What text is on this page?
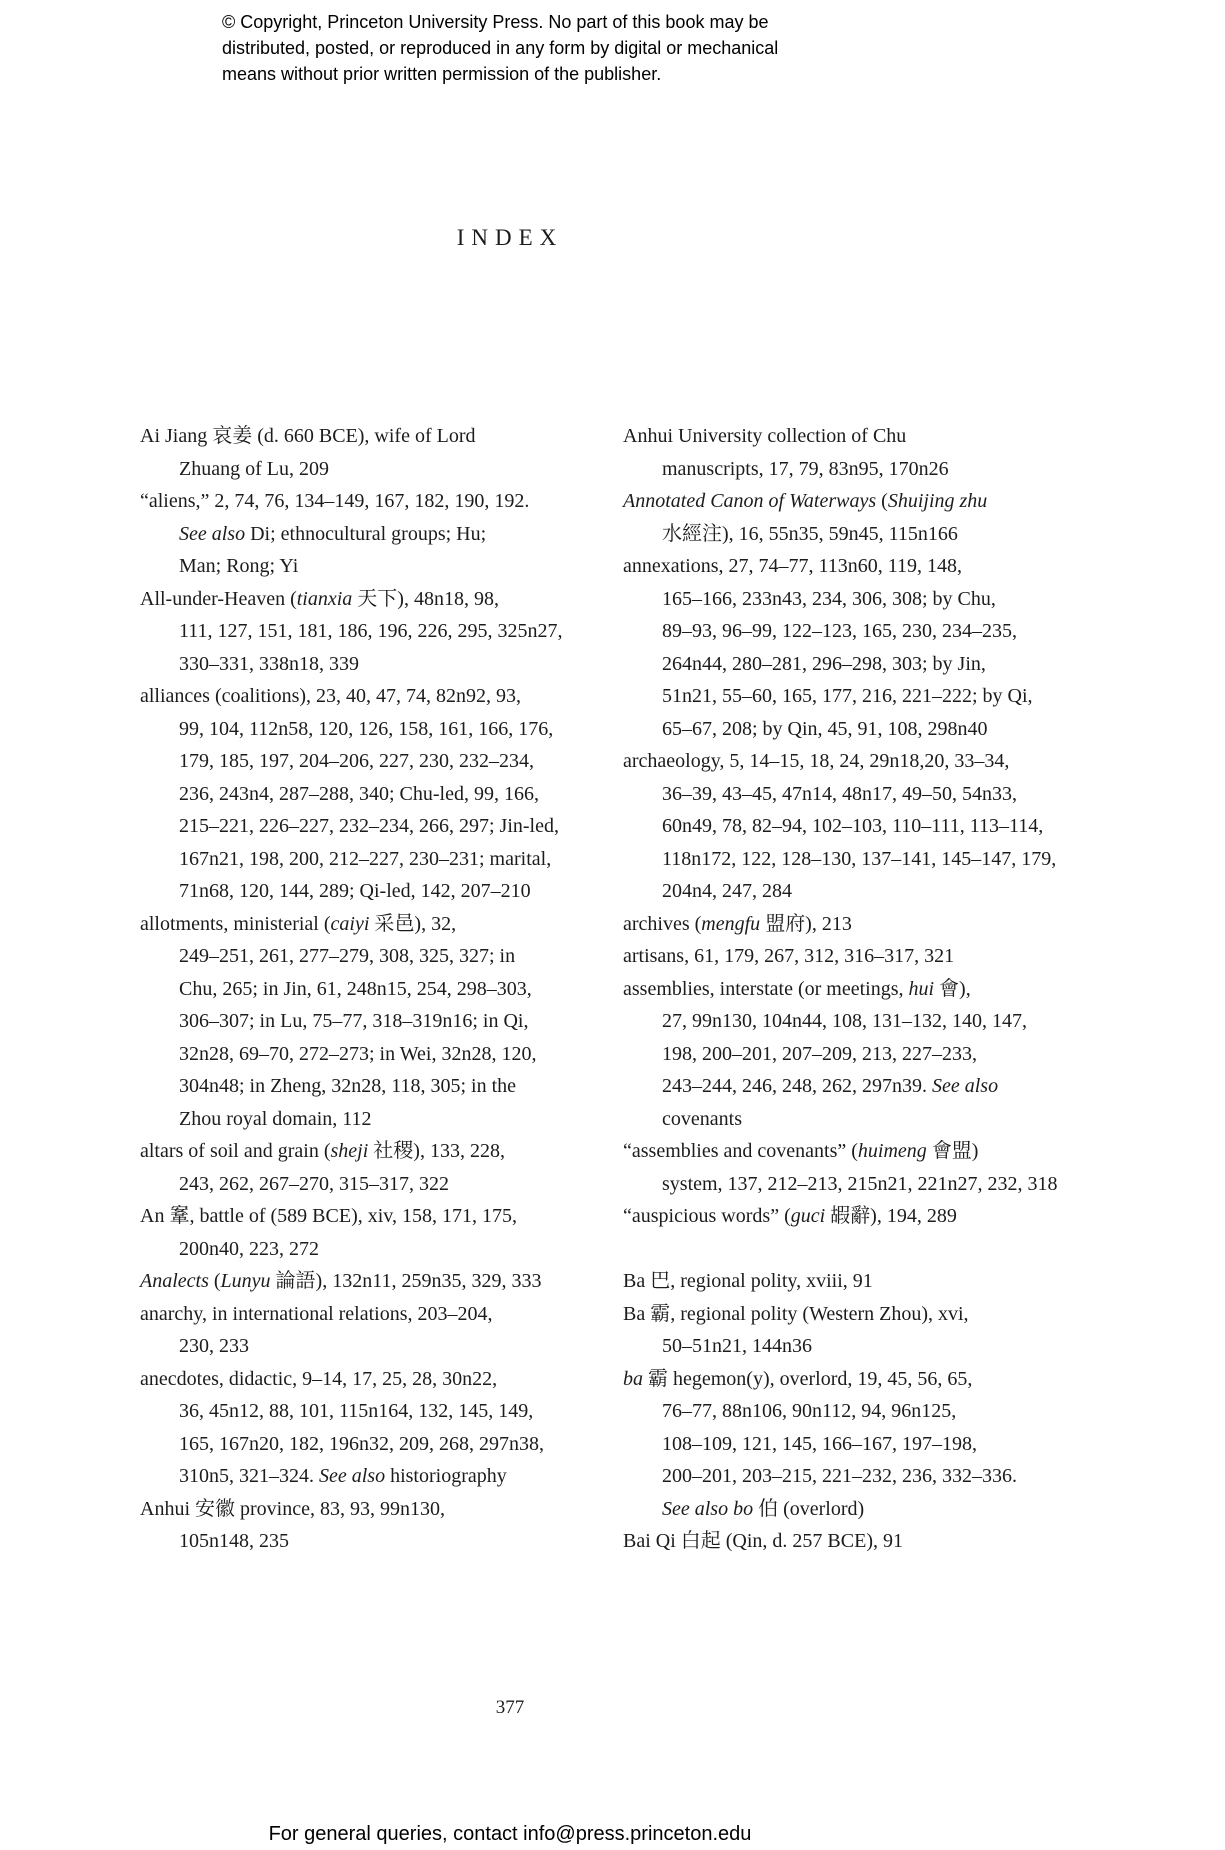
© Copyright, Princeton University Press. No part of this book may be
distributed, posted, or reproduced in any form by digital or mechanical
means without prior written permission of the publisher.
INDEX
Ai Jiang 哀姜 (d. 660 BCE), wife of Lord
Zhuang of Lu, 209
“aliens,” 2, 74, 76, 134–149, 167, 182, 190, 192.
See also Di; ethnocultural groups; Hu;
Man; Rong; Yi
All-under-Heaven (tianxia 天下), 48n18, 98,
111, 127, 151, 181, 186, 196, 226, 295, 325n27,
330–331, 338n18, 339
alliances (coalitions), 23, 40, 47, 74, 82n92, 93,
99, 104, 112n58, 120, 126, 158, 161, 166, 176,
179, 185, 197, 204–206, 227, 230, 232–234,
236, 243n4, 287–288, 340; Chu-led, 99, 166,
215–221, 226–227, 232–234, 266, 297; Jin-led,
167n21, 198, 200, 212–227, 230–231; marital,
71n68, 120, 144, 289; Qi-led, 142, 207–210
allotments, ministerial (caiyi 采邑), 32,
249–251, 261, 277–279, 308, 325, 327; in
Chu, 265; in Jin, 61, 248n15, 254, 298–303,
306–307; in Lu, 75–77, 318–319n16; in Qi,
32n28, 69–70, 272–273; in Wei, 32n28, 120,
304n48; in Zheng, 32n28, 118, 305; in the
Zhou royal domain, 112
altars of soil and grain (sheji 社稷), 133, 228,
243, 262, 267–270, 315–317, 322
An 鞌, battle of (589 BCE), xiv, 158, 171, 175,
200n40, 223, 272
Analects (Lunyu 論語), 132n11, 259n35, 329, 333
anarchy, in international relations, 203–204,
230, 233
anecdotes, didactic, 9–14, 17, 25, 28, 30n22,
36, 45n12, 88, 101, 115n164, 132, 145, 149,
165, 167n20, 182, 196n32, 209, 268, 297n38,
310n5, 321–324. See also historiography
Anhui 安徽 province, 83, 93, 99n130,
105n148, 235
Anhui University collection of Chu
manuscripts, 17, 79, 83n95, 170n26
Annotated Canon of Waterways (Shuijing zhu
水經注), 16, 55n35, 59n45, 115n166
annexations, 27, 74–77, 113n60, 119, 148,
165–166, 233n43, 234, 306, 308; by Chu,
89–93, 96–99, 122–123, 165, 230, 234–235,
264n44, 280–281, 296–298, 303; by Jin,
51n21, 55–60, 165, 177, 216, 221–222; by Qi,
65–67, 208; by Qin, 45, 91, 108, 298n40
archaeology, 5, 14–15, 18, 24, 29n18,20, 33–34,
36–39, 43–45, 47n14, 48n17, 49–50, 54n33,
60n49, 78, 82–94, 102–103, 110–111, 113–114,
118n172, 122, 128–130, 137–141, 145–147, 179,
204n4, 247, 284
archives (mengfu 盟府), 213
artisans, 61, 179, 267, 312, 316–317, 321
assemblies, interstate (or meetings, hui 會),
27, 99n130, 104n44, 108, 131–132, 140, 147,
198, 200–201, 207–209, 213, 227–233,
243–244, 246, 248, 262, 297n39. See also
covenants
“assemblies and covenants” (huimeng 會盟)
system, 137, 212–213, 215n21, 221n27, 232, 318
“auspicious words” (guci 嘏辭), 194, 289
Ba 巴, regional polity, xviii, 91
Ba 霸, regional polity (Western Zhou), xvi,
50–51n21, 144n36
ba 霸 hegemon(y), overlord, 19, 45, 56, 65,
76–77, 88n106, 90n112, 94, 96n125,
108–109, 121, 145, 166–167, 197–198,
200–201, 203–215, 221–232, 236, 332–336.
See also bo 伯 (overlord)
Bai Qi 白起 (Qin, d. 257 BCE), 91
377
For general queries, contact info@press.princeton.edu
